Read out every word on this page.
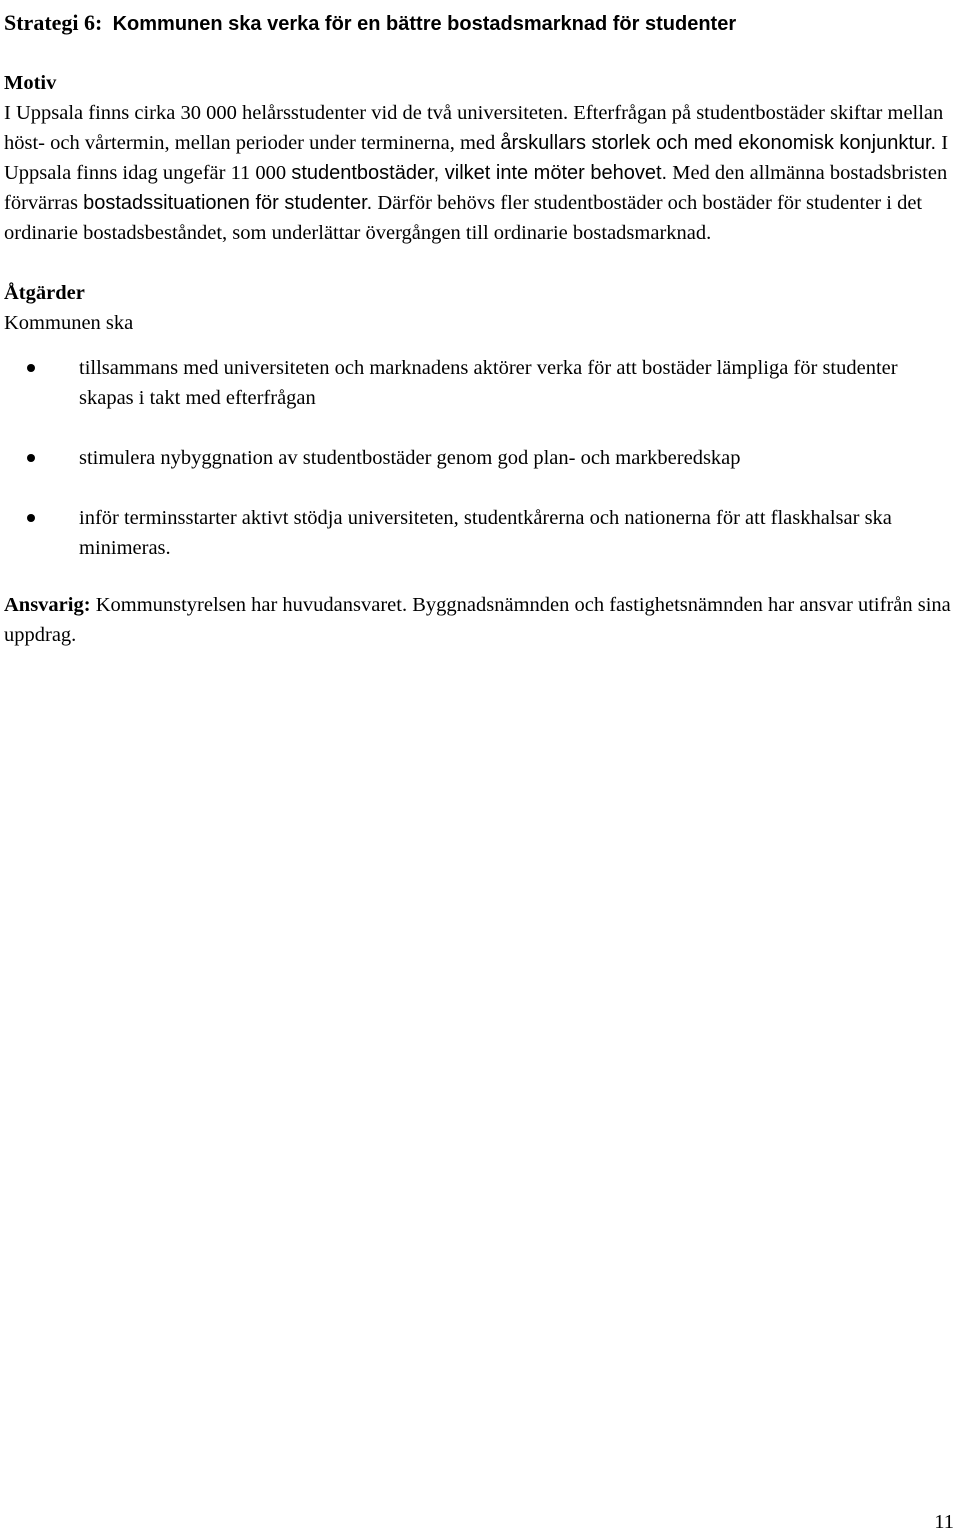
Strategi 6: Kommunen ska verka för en bättre bostadsmarknad för studenter
Motiv

I Uppsala finns cirka 30 000 helårsstudenter vid de två universiteten. Efterfrågan på studentbostäder skiftar mellan höst- och vårtermin, mellan perioder under terminerna, med årskullars storlek och med ekonomisk konjunktur. I Uppsala finns idag ungefär 11 000 studentbostäder, vilket inte möter behovet. Med den allmänna bostadsbristen förvärras bostadssituationen för studenter. Därför behövs fler studentbostäder och bostäder för studenter i det ordinarie bostadsbeståndet, som underlättar övergången till ordinarie bostadsmarknad.

Åtgärder

Kommunen ska

tillsammans med universiteten och marknadens aktörer verka för att bostäder lämpliga för studenter skapas i takt med efterfrågan
stimulera nybyggnation av studentbostäder genom god plan- och markberedskap
inför terminsstarter aktivt stödja universiteten, studentkårerna och nationerna för att flaskhalsar ska minimeras.

Ansvarig: Kommunstyrelsen har huvudansvaret. Byggnadsnämnden och fastighetsnämnden har ansvar utifrån sina uppdrag.

11
